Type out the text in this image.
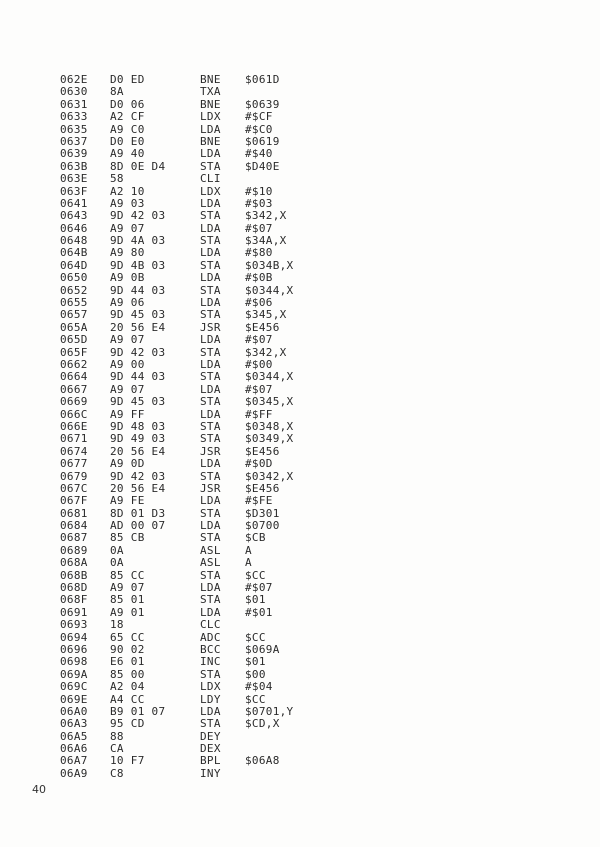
062E D0 ED	BNE $061D
0630 8A	TXA
0631 D0 06	BNE $0639
0633 A2 CF	LDX #$CF
0635 A9 C0	LDA #$C0
0637 D0 E0	BNE $0619
0639 A9 40	LDA #$40
063B 8D 0E D4	STA $D40E
063E 58	CLI
063F A2 10	LDX #$10
0641 A9 03	LDA #$03
0643 9D 42 03	STA $342,X
0646 A9 07	LDA #$07
0648 9D 4A 03	STA $34A,X
064B A9 80	LDA #$80
064D 9D 4B 03	STA $034B,X
0650 A9 0B	LDA #$0B
0652 9D 44 03	STA $0344,X
0655 A9 06	LDA #$06
0657 9D 45 03	STA $345,X
065A 20 56 E4	JSR $E456
065D A9 07	LDA #$07
065F 9D 42 03	STA $342,X
0662 A9 00	LDA #$00
0664 9D 44 03	STA $0344,X
0667 A9 07	LDA #$07
0669 9D 45 03	STA $0345,X
066C A9 FF	LDA #$FF
066E 9D 48 03	STA $0348,X
0671 9D 49 03	STA $0349,X
0674 20 56 E4	JSR $E456
0677 A9 0D	LDA #$0D
0679 9D 42 03	STA $0342,X
067C 20 56 E4	JSR $E456
067F A9 FE	LDA #$FE
0681 8D 01 D3	STA $D301
0684 AD 00 07	LDA $0700
0687 85 CB	STA $CB
0689 0A	ASL A
068A 0A	ASL A
068B 85 CC	STA $CC
068D A9 07	LDA #$07
068F 85 01	STA $01
0691 A9 01	LDA #$01
0693 18	CLC
0694 65 CC	ADC $CC
0696 90 02	BCC $069A
0698 E6 01	INC $01
069A 85 00	STA $00
069C A2 04	LDX #$04
069E A4 CC	LDY $CC
06A0 B9 01 07	LDA $0701,Y
06A3 95 CD	STA $CD,X
06A5 88	DEY
06A6 CA	DEX
06A7 10 F7	BPL $06A8
06A9 C8	INY
40
